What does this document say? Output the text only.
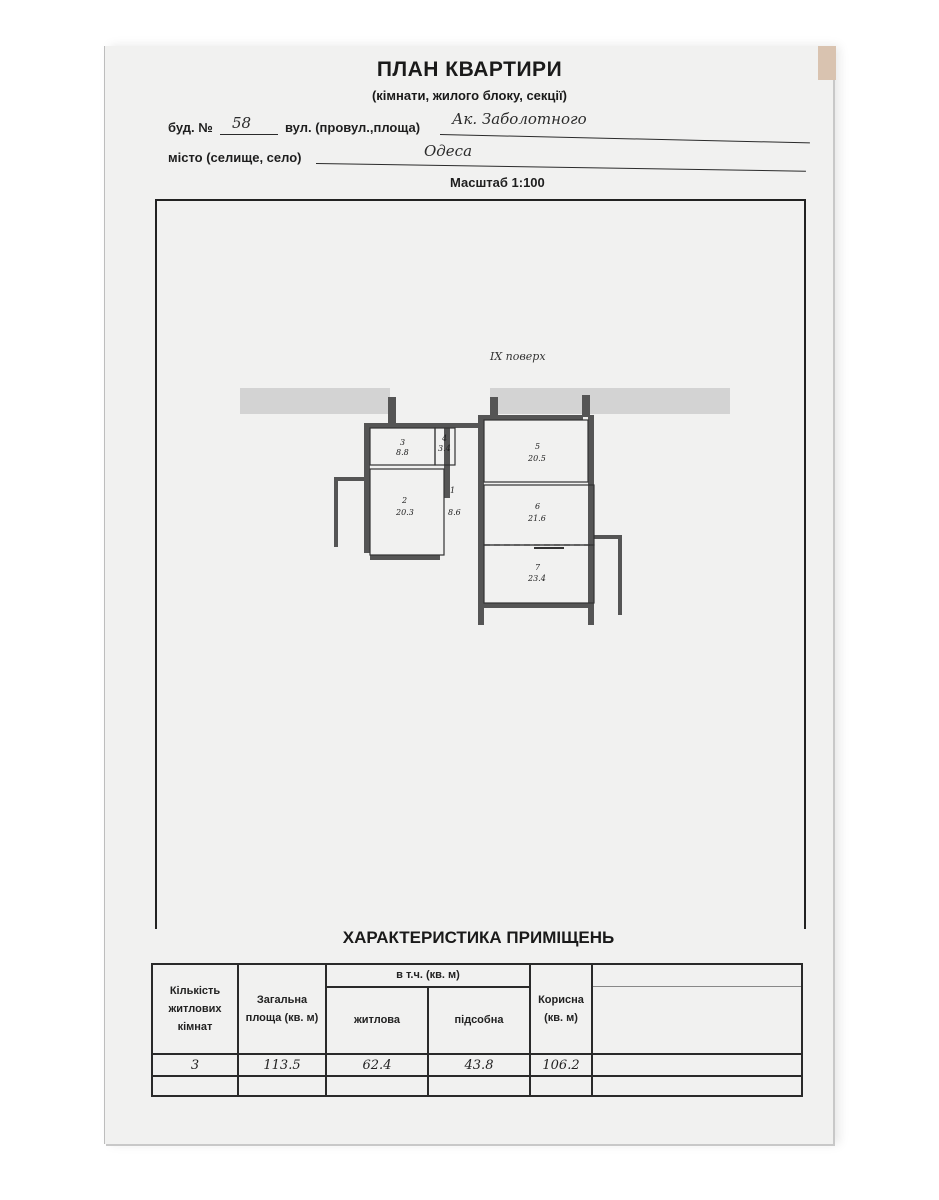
ПЛАН КВАРТИРИ
(кімнати, жилого блоку, секції)
буд. № 58	вул. (провул.,площа) Ак. Заболотного
місто (селище, село)	Одеса
Масштаб 1:100
IX поверх
3
8.8
4
3.4
2
20.3
5
20.5
6
21.6
7
23.4
1
8.6
ХАРАКТЕРИСТИКА ПРИМІЩЕНЬ
Кількість житлових кімнат	Загальна площа (кв. м)	в т.ч. (кв. м)		Корисна (кв. м)	
		житлова	підсобна		
3	113.5	62.4	43.8	106.2	
